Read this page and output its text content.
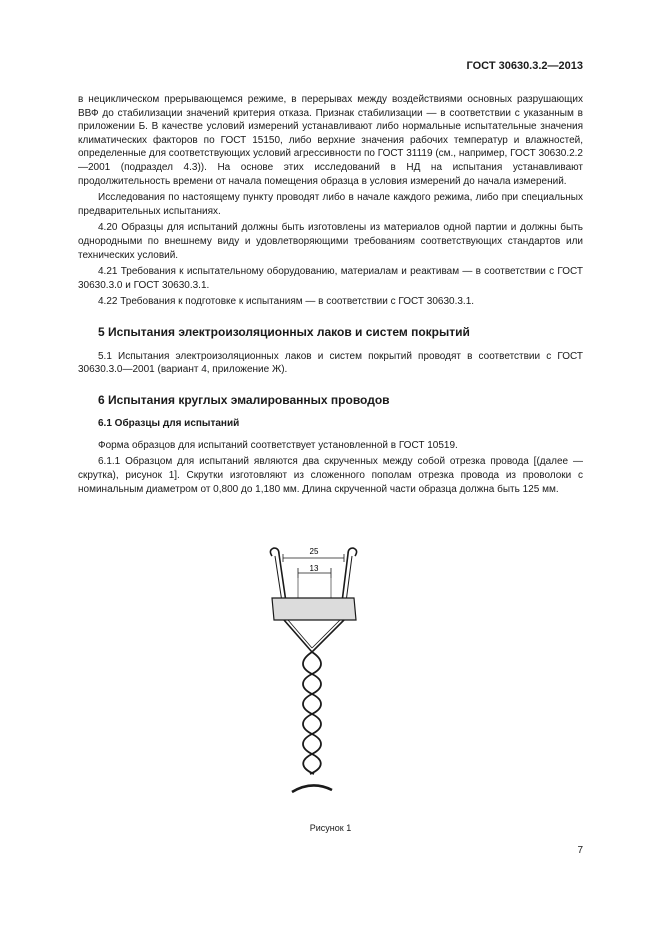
ГОСТ 30630.3.2—2013

в нециклическом прерывающемся режиме, в перерывах между воздействиями основных разрушающих ВВФ до стабилизации значений критерия отказа. Признак стабилизации — в соответствии с указанным в приложении Б. В качестве условий измерений устанавливают либо нормальные испытательные значения климатических факторов по ГОСТ 15150, либо верхние значения рабочих температур и влажностей, определенные для соответствующих условий агрессивности по ГОСТ 31119 (см., например, ГОСТ 30630.2.2—2001 (подраздел 4.3)). На основе этих исследований в НД на испытания устанавливают продолжительность времени от начала помещения образца в условия измерений до начала измерений.

Исследования по настоящему пункту проводят либо в начале каждого режима, либо при специальных предварительных испытаниях.

4.20 Образцы для испытаний должны быть изготовлены из материалов одной партии и должны быть однородными по внешнему виду и удовлетворяющими требованиям соответствующих стандартов или технических условий.

4.21 Требования к испытательному оборудованию, материалам и реактивам — в соответствии с ГОСТ 30630.3.0 и ГОСТ 30630.3.1.

4.22 Требования к подготовке к испытаниям — в соответствии с ГОСТ 30630.3.1.

5 Испытания электроизоляционных лаков и систем покрытий

5.1 Испытания электроизоляционных лаков и систем покрытий проводят в соответствии с ГОСТ 30630.3.0—2001 (вариант 4, приложение Ж).

6 Испытания круглых эмалированных проводов
6.1 Образцы для испытаний

Форма образцов для испытаний соответствует установленной в ГОСТ 10519.

6.1.1 Образцом для испытаний являются два скрученных между собой отрезка провода [(далее — скрутка), рисунок 1]. Скрутки изготовляют из сложенного пополам отрезка провода из проволоки с номинальным диаметром от 0,800 до 1,180 мм. Длина скрученной части образца должна быть 125 мм.

25
13
Рисунок 1
7
